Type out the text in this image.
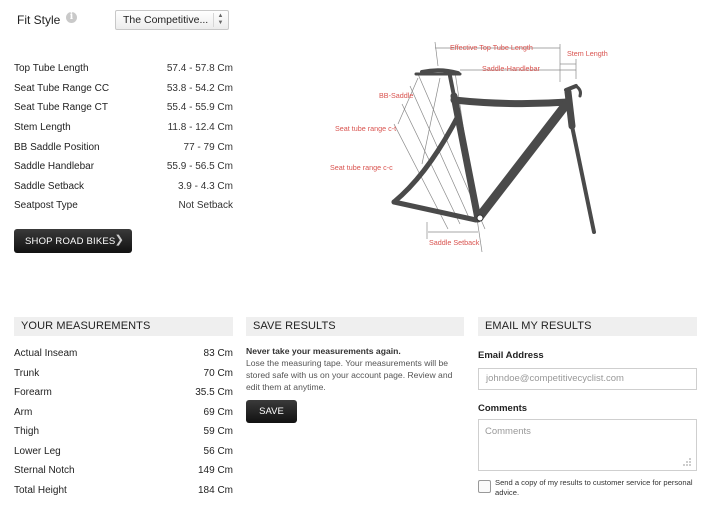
Fit Style	i	The Competitive... ▲
▼
Top Tube Length	57.4 - 57.8 Cm
Seat Tube Range CC	53.8 - 54.2 Cm
Seat Tube Range CT	55.4 - 55.9 Cm
Stem Length	11.8 - 12.4 Cm
BB Saddle Position	77 - 79 Cm
Saddle Handlebar	55.9 - 56.5 Cm
Saddle Setback	3.9 - 4.3 Cm
Seatpost Type	Not Setback
SHOP ROAD BIKES ❯
Effective Top Tube Length
Stem Length
Saddle-Handlebar
BB-Saddle
Seat tube range c-t
Seat tube range c-c
Saddle Setback
YOUR MEASUREMENTS
Actual Inseam	83 Cm
Trunk	70 Cm
Forearm	35.5 Cm
Arm	69 Cm
Thigh	59 Cm
Lower Leg	56 Cm
Sternal Notch	149 Cm
Total Height	184 Cm
SAVE RESULTS
Never take your measurements again.
Lose the measuring tape. Your measurements will be stored safe with us on your account page. Review and edit them at anytime.
SAVE
EMAIL MY RESULTS
Email Address
johndoe@competitivecyclist.com
Comments
Comments
Send a copy of my results to customer service for personal advice.
